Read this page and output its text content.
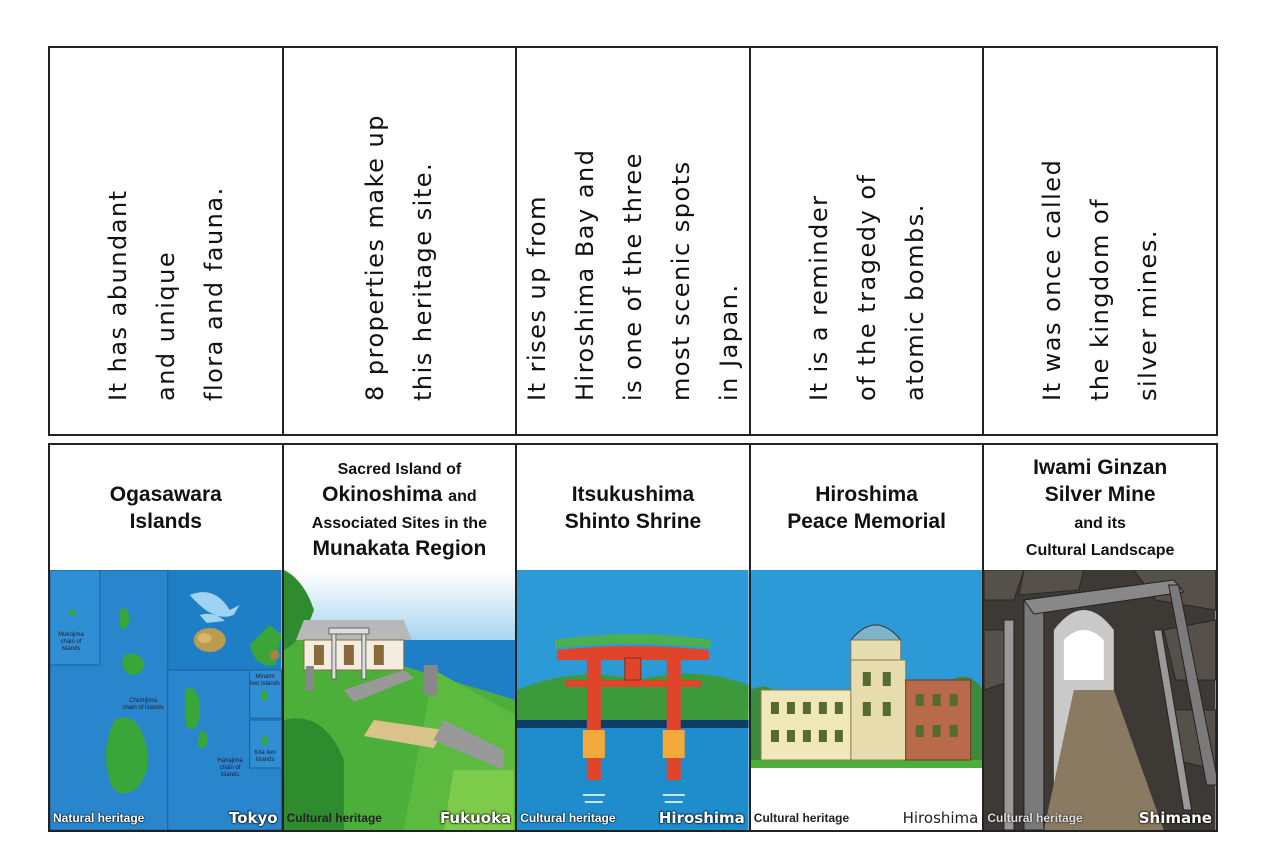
It has abundant
and unique
flora and fauna.
8 properties make up
this heritage site.
It rises up from
Hiroshima Bay and
is one of the three
most scenic spots
in Japan.
It is a reminder
of the tragedy of
atomic bombs.
It was once called
the kingdom of
silver mines.
Ogasawara
Islands
Mukojima chain of islands
Chichijima chain of islands
Minami Iwo Islands
Kita Iwo Islands
Hahajima chain of islands
Natural heritage	Tokyo
Sacred Island of
Okinoshima and
Associated Sites in the
Munakata Region
Cultural heritage	Fukuoka
Itsukushima
Shinto Shrine
Cultural heritage	Hiroshima
Hiroshima
Peace Memorial
Cultural heritage	Hiroshima
Iwami Ginzan
Silver Mine
and its
Cultural Landscape
Cultural heritage	Shimane
